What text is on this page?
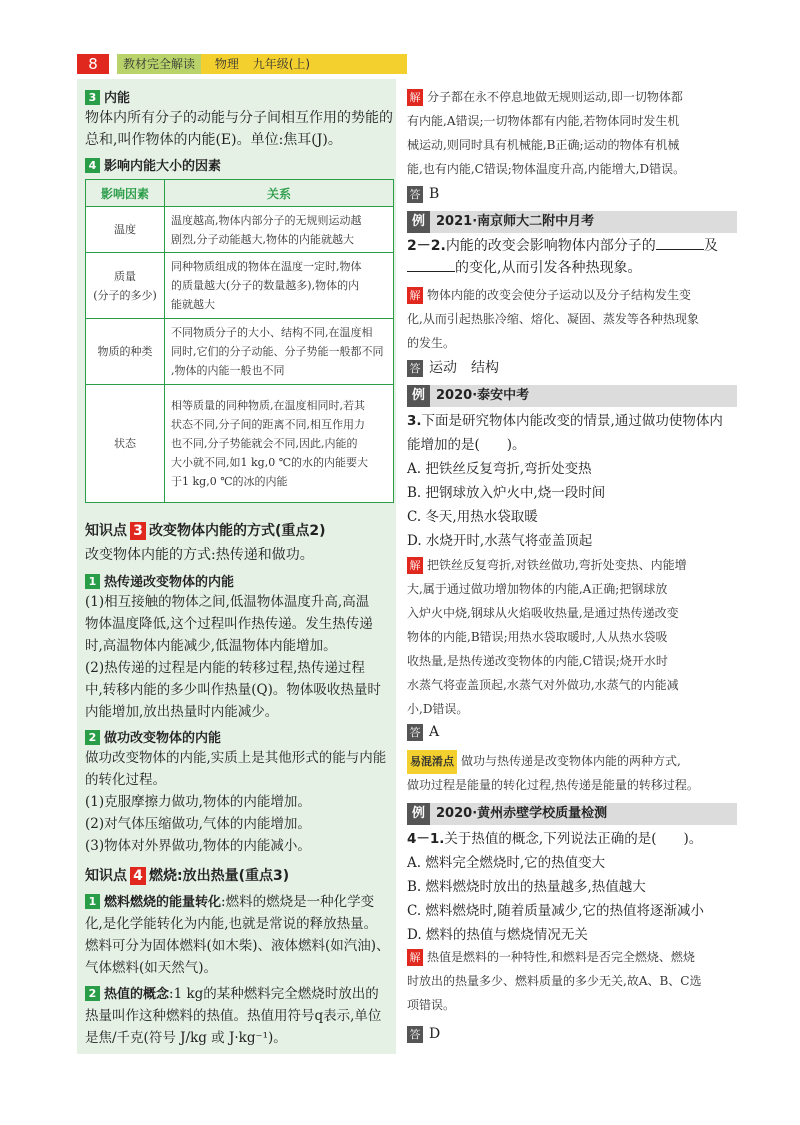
8	教材完全解读 物理 九年级(上)
3 内能

物体内所有分子的动能与分子间相互作用的势能的

总和,叫作物体的内能(E)。单位:焦耳(J)。

4 影响内能大小的因素
影响因素	关系
温度	温度越高,物体内部分子的无规则运动越
剧烈,分子动能越大,物体的内能就越大
质量
(分子的多少)	同种物质组成的物体在温度一定时,物体
的质量越大(分子的数量越多),物体的内
能就越大
物质的种类	不同物质分子的大小、结构不同,在温度相
同时,它们的分子动能、分子势能一般都不同
,物体的内能一般也不同
状态	相等质量的同种物质,在温度相同时,若其
状态不同,分子间的距离不同,相互作用力
也不同,分子势能就会不同,因此,内能的
大小就不同,如1 kg,0 ℃的水的内能要大
于1 kg,0 ℃的冰的内能
知识点 3 改变物体内能的方式(重点2)

改变物体内能的方式:热传递和做功。

1 热传递改变物体的内能
(1)相互接触的物体之间,低温物体温度升高,高温
物体温度降低,这个过程叫作热传递。发生热传递
时,高温物体内能减少,低温物体内能增加。
(2)热传递的过程是内能的转移过程,热传递过程
中,转移内能的多少叫作热量(Q)。物体吸收热量时
内能增加,放出热量时内能减少。
2 做功改变物体的内能
做功改变物体的内能,实质上是其他形式的能与内能
的转化过程。
(1)克服摩擦力做功,物体的内能增加。
(2)对气体压缩做功,气体的内能增加。
(3)物体对外界做功,物体的内能减小。
知识点 4 燃烧:放出热量(重点3)
1 燃料燃烧的能量转化:燃料的燃烧是一种化学变
化,是化学能转化为内能,也就是常说的释放热量。
燃料可分为固体燃料(如木柴)、液体燃料(如汽油)、
气体燃料(如天然气)。
2 热值的概念:1 kg的某种燃料完全燃烧时放出的
热量叫作这种燃料的热值。热值用符号q表示,单位
是焦/千克(符号 J/kg 或 J·kg⁻¹)。
解 分子都在永不停息地做无规则运动,即一切物体都
有内能,A错误;一切物体都有内能,若物体同时发生机
械运动,则同时具有机械能,B正确;运动的物体有机械
能,也有内能,C错误;物体温度升高,内能增大,D错误。

答 B

例 2021·南京师大二附中月考

2－2.内能的改变会影响物体内部分子的	及

的变化,从而引发各种热现象。

解 物体内能的改变会使分子运动以及分子结构发生变
化,从而引起热胀冷缩、熔化、凝固、蒸发等各种热现象
的发生。

答 运动　结构

例 2020·泰安中考
3.下面是研究物体内能改变的情景,通过做功使物体内
能增加的是(　　)。
A. 把铁丝反复弯折,弯折处变热
B. 把钢球放入炉火中,烧一段时间
C. 冬天,用热水袋取暖
D. 水烧开时,水蒸气将壶盖顶起
解 把铁丝反复弯折,对铁丝做功,弯折处变热、内能增
大,属于通过做功增加物体的内能,A正确;把钢球放
入炉火中烧,钢球从火焰吸收热量,是通过热传递改变
物体的内能,B错误;用热水袋取暖时,人从热水袋吸
收热量,是热传递改变物体的内能,C错误;烧开水时
水蒸气将壶盖顶起,水蒸气对外做功,水蒸气的内能减
小,D错误。

答 A

易混淆点 做功与热传递是改变物体内能的两种方式,
做功过程是能量的转化过程,热传递是能量的转移过程。
例 2020·黄州赤壁学校质量检测
4－1.关于热值的概念,下列说法正确的是(　　)。
A. 燃料完全燃烧时,它的热值变大
B. 燃料燃烧时放出的热量越多,热值越大
C. 燃料燃烧时,随着质量减少,它的热值将逐渐减小
D. 燃料的热值与燃烧情况无关
解 热值是燃料的一种特性,和燃料是否完全燃烧、燃烧
时放出的热量多少、燃料质量的多少无关,故A、B、C选
项错误。

答 D
